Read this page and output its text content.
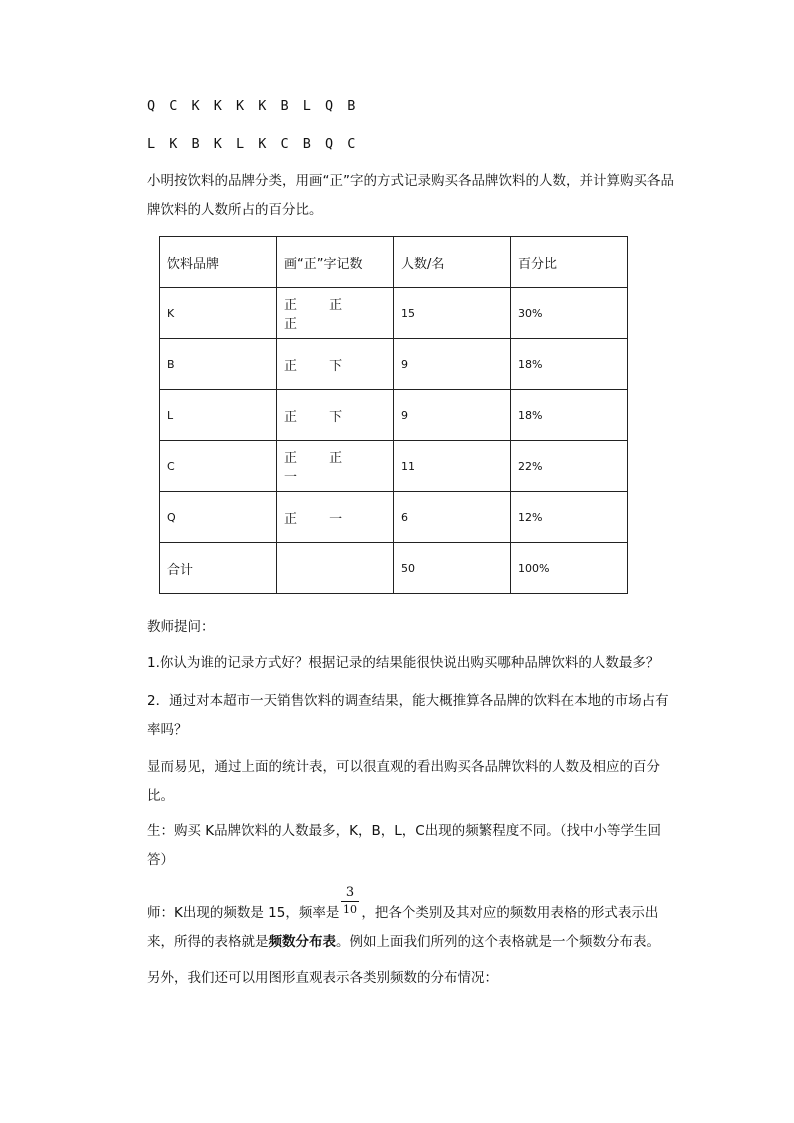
Q C K K K K B L Q B
L K B K L K C B Q C
小明按饮料的品牌分类，用画“正”字的方式记录购买各品牌饮料的人数，并计算购买各品牌饮料的人数所占的百分比。
饮料品牌	画“正”字记数	人数/名	百分比
K	正 正 正	15	30%
B	正 下	9	18%
L	正 下	9	18%
C	正 正 一	11	22%
Q	正 一	6	12%
合计		50	100%
教师提问：
1.你认为谁的记录方式好？根据记录的结果能很快说出购买哪种品牌饮料的人数最多？
2．通过对本超市一天销售饮料的调查结果，能大概推算各品牌的饮料在本地的市场占有率吗？
显而易见，通过上面的统计表，可以很直观的看出购买各品牌饮料的人数及相应的百分比。
生：购买 K品牌饮料的人数最多，K，B，L，C出现的频繁程度不同。（找中小等学生回答）
3
10
师：K出现的频数是 15，频率是 ，把各个类别及其对应的频数用表格的形式表示出来，所得的表格就是频数分布表。例如上面我们所列的这个表格就是一个频数分布表。
另外，我们还可以用图形直观表示各类别频数的分布情况：
